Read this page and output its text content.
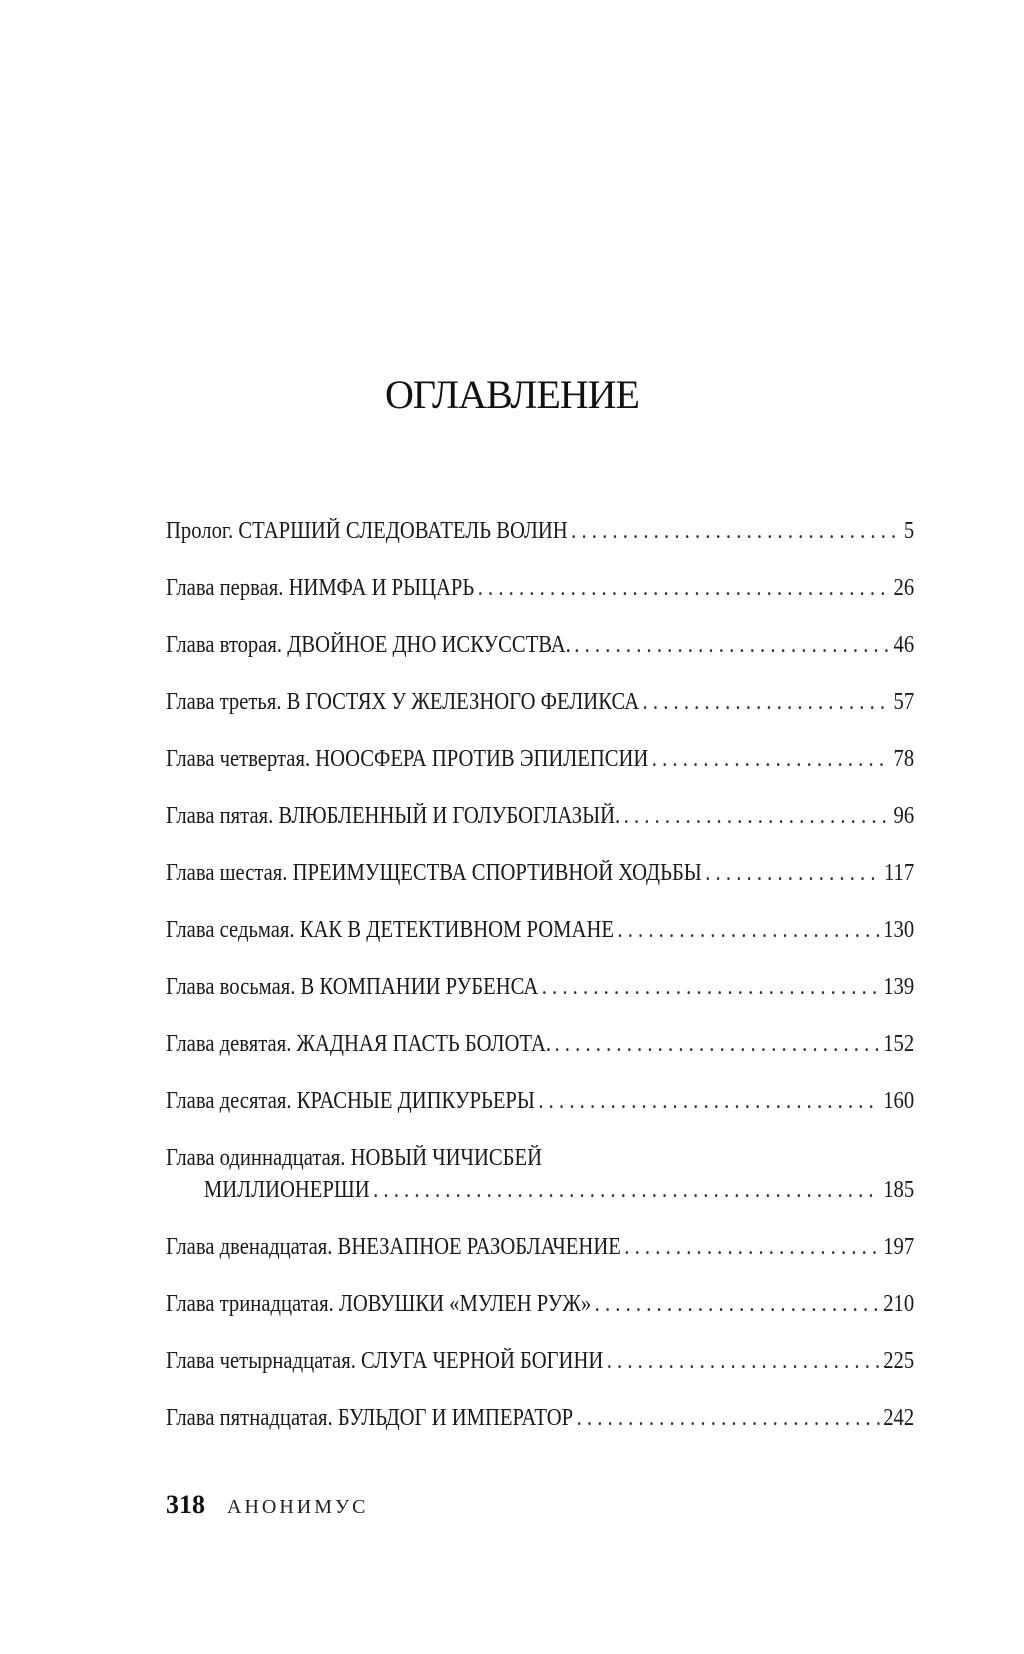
ОГЛАВЛЕНИЕ
Пролог. СТАРШИЙ СЛЕДОВАТЕЛЬ ВОЛИН . . .	5
Глава первая. НИМФА И РЫЦАРЬ . . .	26
Глава вторая. ДВОЙНОЕ ДНО ИСКУССТВА. . . .	46
Глава третья. В ГОСТЯХ У ЖЕЛЕЗНОГО ФЕЛИКСА . . .	57
Глава четвертая. НООСФЕРА ПРОТИВ ЭПИЛЕПСИИ . . .	78
Глава пятая. ВЛЮБЛЕННЫЙ И ГОЛУБОГЛАЗЫЙ. . . .	96
Глава шестая. ПРЕИМУЩЕСТВА СПОРТИВНОЙ ХОДЬБЫ . . .	117
Глава седьмая. КАК В ДЕТЕКТИВНОМ РОМАНЕ . . .	130
Глава восьмая. В КОМПАНИИ РУБЕНСА . . .	139
Глава девятая. ЖАДНАЯ ПАСТЬ БОЛОТА. . . .	152
Глава десятая. КРАСНЫЕ ДИПКУРЬЕРЫ . . .	160
Глава одиннадцатая. НОВЫЙ ЧИЧИСБЕЙ
МИЛЛИОНЕРШИ . . .	185
Глава двенадцатая. ВНЕЗАПНОЕ РАЗОБЛАЧЕНИЕ . . .	197
Глава тринадцатая. ЛОВУШКИ «МУЛЕН РУЖ» . . .	210
Глава четырнадцатая. СЛУГА ЧЕРНОЙ БОГИНИ . . .	225
Глава пятнадцатая. БУЛЬДОГ И ИМПЕРАТОР . . .	242
318 АНОНИМУС
